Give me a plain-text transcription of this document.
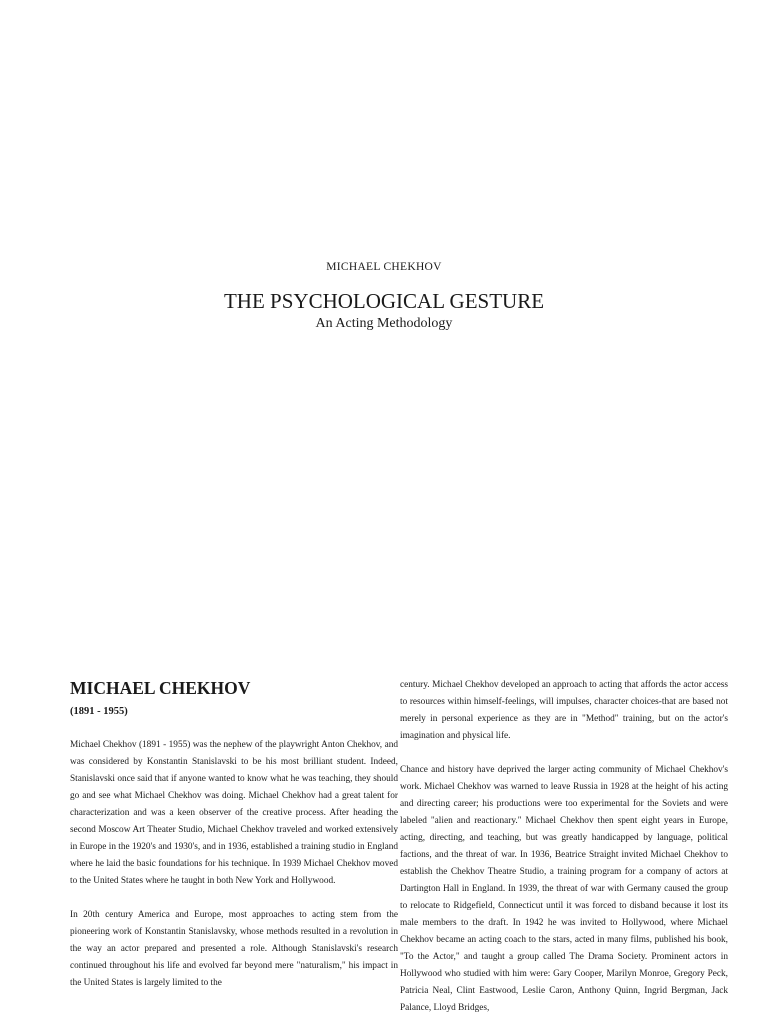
MICHAEL CHEKHOV
THE PSYCHOLOGICAL GESTURE
An Acting Methodology
MICHAEL CHEKHOV
(1891 - 1955)

Michael Chekhov (1891 - 1955) was the nephew of the playwright Anton Chekhov, and was considered by Konstantin Stanislavski to be his most brilliant student. Indeed, Stanislavski once said that if anyone wanted to know what he was teaching, they should go and see what Michael Chekhov was doing. Michael Chekhov had a great talent for characterization and was a keen observer of the creative process. After heading the second Moscow Art Theater Studio, Michael Chekhov traveled and worked extensively in Europe in the 1920's and 1930's, and in 1936, established a training studio in England where he laid the basic foundations for his technique. In 1939 Michael Chekhov moved to the United States where he taught in both New York and Hollywood.

In 20th century America and Europe, most approaches to acting stem from the pioneering work of Konstantin Stanislavsky, whose methods resulted in a revolution in the way an actor prepared and presented a role. Although Stanislavski's research continued throughout his life and evolved far beyond mere "naturalism," his impact in the United States is largely limited to the

century. Michael Chekhov developed an approach to acting that affords the actor access to resources within himself-feelings, will impulses, character choices-that are based not merely in personal experience as they are in "Method" training, but on the actor's imagination and physical life.

Chance and history have deprived the larger acting community of Michael Chekhov's work. Michael Chekhov was warned to leave Russia in 1928 at the height of his acting and directing career; his productions were too experimental for the Soviets and were labeled "alien and reactionary." Michael Chekhov then spent eight years in Europe, acting, directing, and teaching, but was greatly handicapped by language, political factions, and the threat of war. In 1936, Beatrice Straight invited Michael Chekhov to establish the Chekhov Theatre Studio, a training program for a company of actors at Dartington Hall in England. In 1939, the threat of war with Germany caused the group to relocate to Ridgefield, Connecticut until it was forced to disband because it lost its male members to the draft. In 1942 he was invited to Hollywood, where Michael Chekhov became an acting coach to the stars, acted in many films, published his book, "To the Actor," and taught a group called The Drama Society. Prominent actors in Hollywood who studied with him were: Gary Cooper, Marilyn Monroe, Gregory Peck, Patricia Neal, Clint Eastwood, Leslie Caron, Anthony Quinn, Ingrid Bergman, Jack Palance, Lloyd Bridges,
